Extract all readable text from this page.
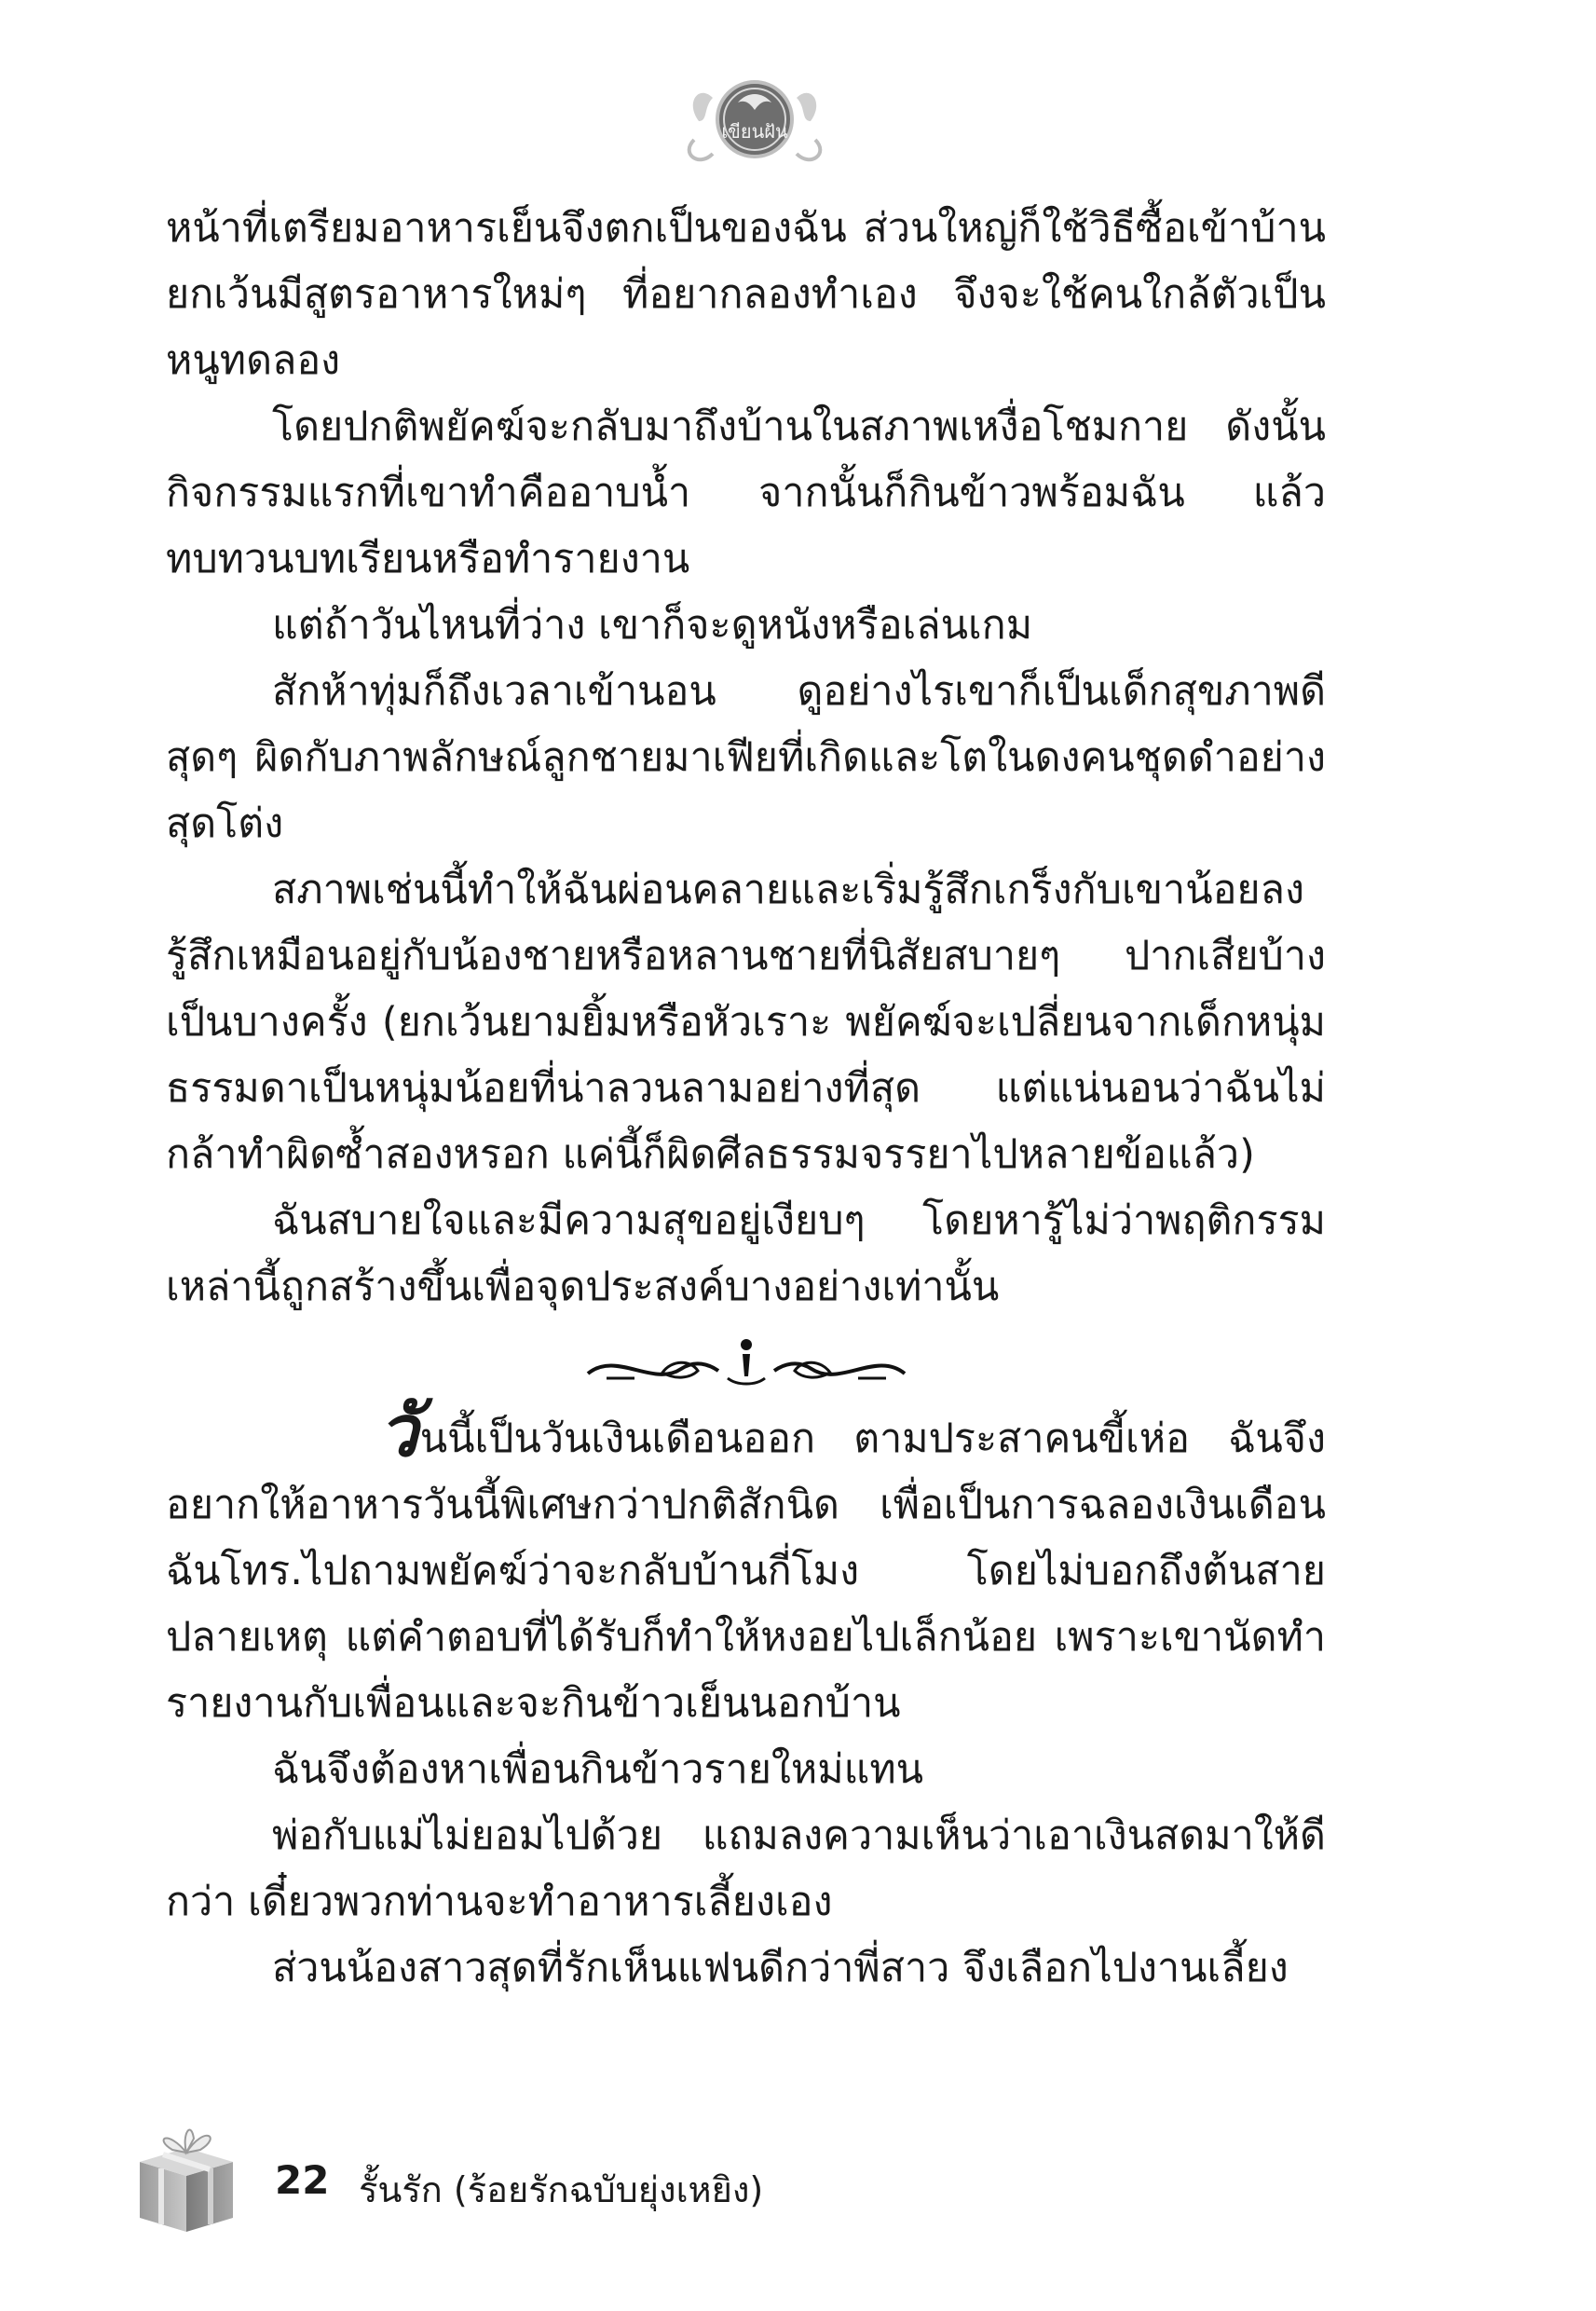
เขียนฝัน

หน้าที่เตรียมอาหารเย็นจึงตกเป็นของฉัน ส่วนใหญ่ก็ใช้วิธีซื้อเข้าบ้าน ยกเว้นมีสูตรอาหารใหม่ๆ ที่อยากลองทำเอง จึงจะใช้คนใกล้ตัวเป็นหนูทดลอง

โดยปกติพยัคฆ์จะกลับมาถึงบ้านในสภาพเหงื่อโชมกาย ดังนั้น กิจกรรมแรกที่เขาทำคืออาบน้ำ จากนั้นก็กินข้าวพร้อมฉัน แล้วทบทวนบทเรียนหรือทำรายงาน

แต่ถ้าวันไหนที่ว่าง เขาก็จะดูหนังหรือเล่นเกม

สักห้าทุ่มก็ถึงเวลาเข้านอน ดูอย่างไรเขาก็เป็นเด็กสุขภาพดีสุดๆ ผิดกับภาพลักษณ์ลูกชายมาเฟียที่เกิดและโตในดงคนชุดดำอย่างสุดโต่ง

สภาพเช่นนี้ทำให้ฉันผ่อนคลายและเริ่มรู้สึกเกร็งกับเขาน้อยลง รู้สึกเหมือนอยู่กับน้องชายหรือหลานชายที่นิสัยสบายๆ ปากเสียบ้างเป็นบางครั้ง (ยกเว้นยามยิ้มหรือหัวเราะ พยัคฆ์จะเปลี่ยนจากเด็กหนุ่มธรรมดาเป็นหนุ่มน้อยที่น่าลวนลามอย่างที่สุด แต่แน่นอนว่าฉันไม่กล้าทำผิดซ้ำสองหรอก แค่นี้ก็ผิดศีลธรรมจรรยาไปหลายข้อแล้ว)

ฉันสบายใจและมีความสุขอยู่เงียบๆ โดยหารู้ไม่ว่าพฤติกรรมเหล่านี้ถูกสร้างขึ้นเพื่อจุดประสงค์บางอย่างเท่านั้น

วันนี้เป็นวันเงินเดือนออก ตามประสาคนขี้เห่อ ฉันจึงอยากให้อาหารวันนี้พิเศษกว่าปกติสักนิด เพื่อเป็นการฉลองเงินเดือน ฉันโทร.ไปถามพยัคฆ์ว่าจะกลับบ้านกี่โมง โดยไม่บอกถึงต้นสายปลายเหตุ แต่คำตอบที่ได้รับก็ทำให้หงอยไปเล็กน้อย เพราะเขานัดทำรายงานกับเพื่อนและจะกินข้าวเย็นนอกบ้าน

ฉันจึงต้องหาเพื่อนกินข้าวรายใหม่แทน

พ่อกับแม่ไม่ยอมไปด้วย แถมลงความเห็นว่าเอาเงินสดมาให้ดีกว่า เดี๋ยวพวกท่านจะทำอาหารเลี้ยงเอง

ส่วนน้องสาวสุดที่รักเห็นแฟนดีกว่าพี่สาว จึงเลือกไปงานเลี้ยง

22 รั้นรัก (ร้อยรักฉบับยุ่งเหยิง)
